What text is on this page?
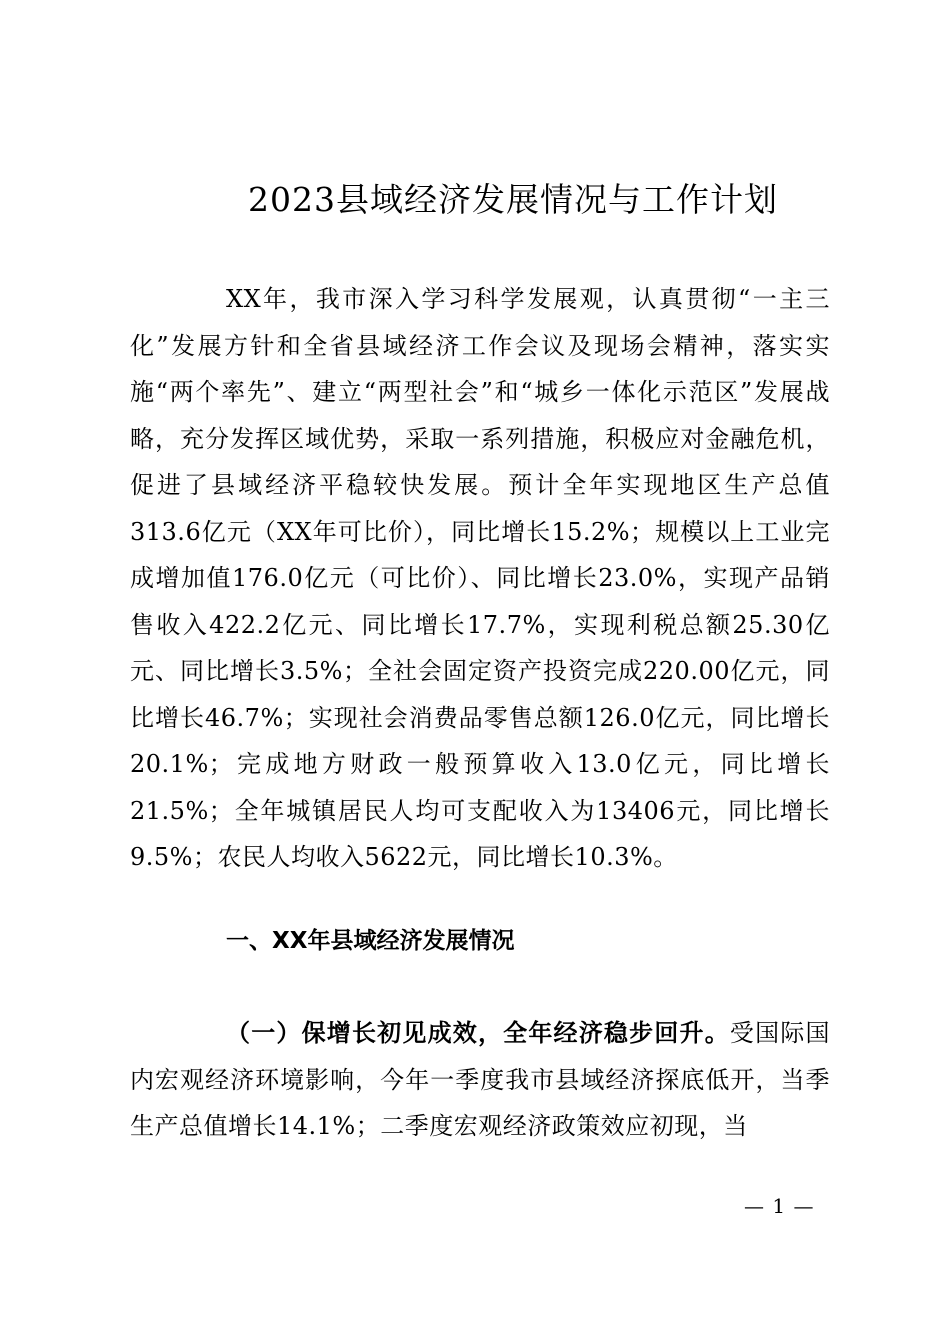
2023县域经济发展情况与工作计划

XX年，我市深入学习科学发展观，认真贯彻“一主三化”发展方针和全省县域经济工作会议及现场会精神，落实实施“两个率先”、建立“两型社会”和“城乡一体化示范区”发展战略，充分发挥区域优势，采取一系列措施，积极应对金融危机，促进了县域经济平稳较快发展。预计全年实现地区生产总值313.6亿元（XX年可比价），同比增长15.2%；规模以上工业完成增加值176.0亿元（可比价）、同比增长23.0%，实现产品销售收入422.2亿元、同比增长17.7%，实现利税总额25.30亿元、同比增长3.5%；全社会固定资产投资完成220.00亿元，同比增长46.7%；实现社会消费品零售总额126.0亿元，同比增长20.1%；完成地方财政一般预算收入13.0亿元，同比增长21.5%；全年城镇居民人均可支配收入为13406元，同比增长9.5%；农民人均收入5622元，同比增长10.3%。

一、XX年县域经济发展情况

（一）保增长初见成效，全年经济稳步回升。受国际国内宏观经济环境影响，今年一季度我市县域经济探底低开，当季生产总值增长14.1%；二季度宏观经济政策效应初现，当

— 1 —
